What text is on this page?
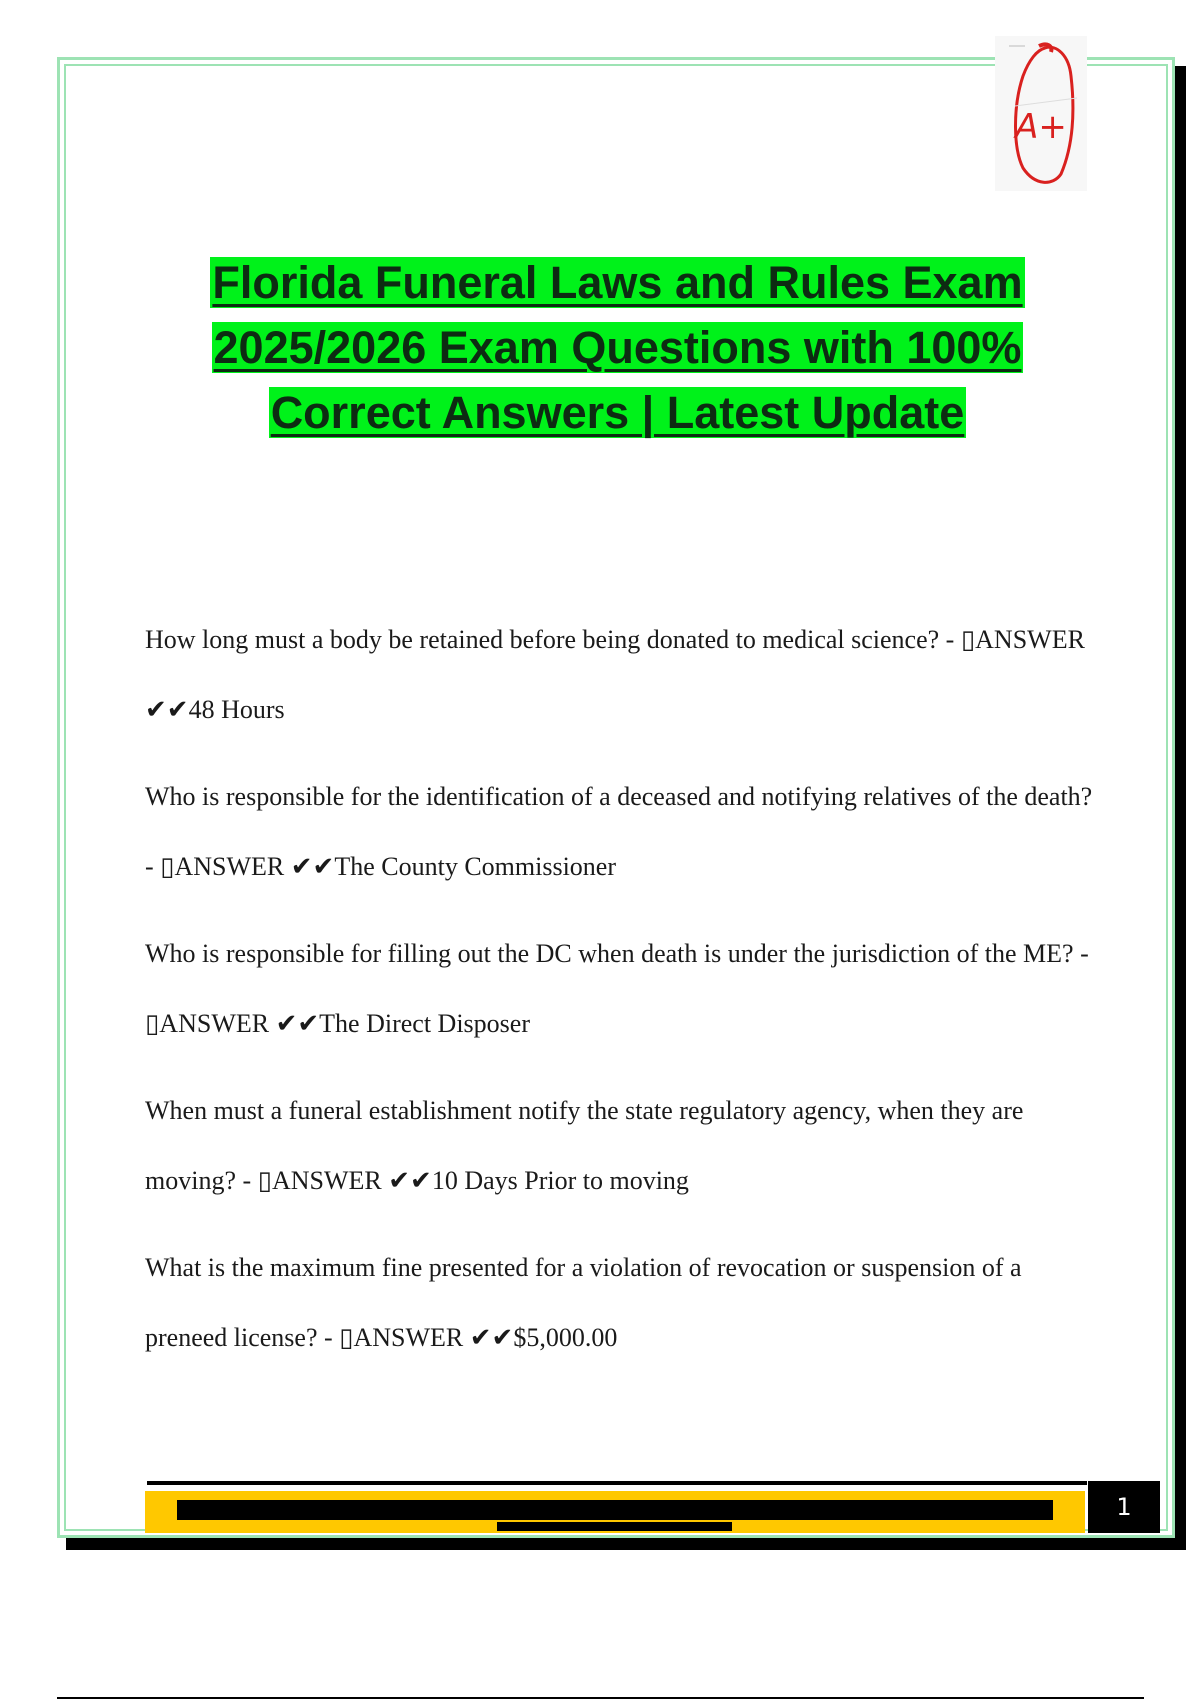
A+
Florida Funeral Laws and Rules Exam
2025/2026 Exam Questions with 100%
Correct Answers | Latest Update

How long must a body be retained before being donated to medical science? - ▯ANSWER ✔✔48 Hours

Who is responsible for the identification of a deceased and notifying relatives of the death? - ▯ANSWER ✔✔The County Commissioner

Who is responsible for filling out the DC when death is under the jurisdiction of the ME? - ▯ANSWER ✔✔The Direct Disposer

When must a funeral establishment notify the state regulatory agency, when they are moving? - ▯ANSWER ✔✔10 Days Prior to moving

What is the maximum fine presented for a violation of revocation or suspension of a preneed license? - ▯ANSWER ✔✔$5,000.00

1
